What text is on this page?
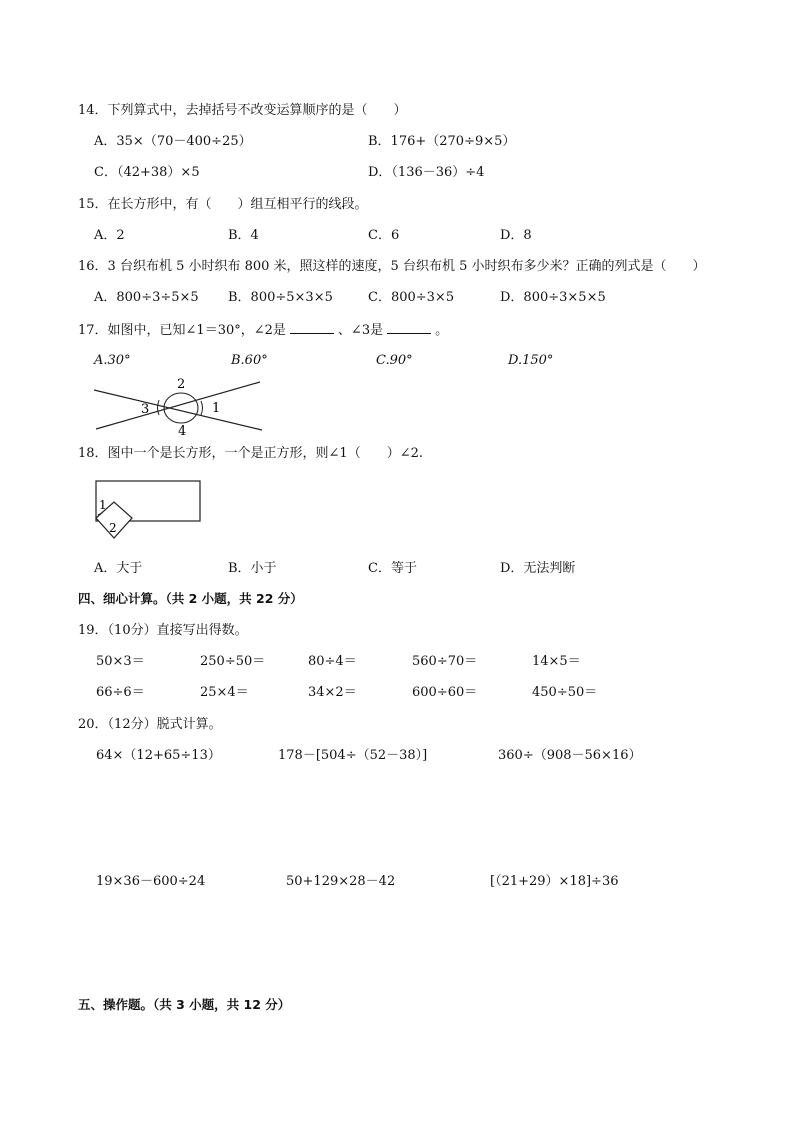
14．下列算式中，去掉括号不改变运算顺序的是（　　）
A．35×（70－400÷25）	B．176+（270÷9×5）
C．（42+38）×5	D．（136－36）÷4
15．在长方形中，有（　　）组互相平行的线段。
A．2	B．4	C．6	D．8
16．3 台织布机 5 小时织布 800 米，照这样的速度，5 台织布机 5 小时织布多少米？正确的列式是（　　）
A．800÷3÷5×5 B．800÷5×3×5	C．800÷3×5	D．800÷3×5×5
17．如图中，已知∠1＝30°，∠2是	、∠3是	。
A.30°	B.60°	C.90°	D.150°
1
2
3
4
18．图中一个是长方形，一个是正方形，则∠1（　　）∠2.
1
2
A．大于	B．小于	C．等于	D．无法判断
四、细心计算。（共 2 小题，共 22 分）
19．（10分）直接写出得数。
50×3＝	250÷50＝	80÷4＝	560÷70＝	14×5＝
66÷6＝	25×4＝	34×2＝	600÷60＝	450÷50＝
20．（12分）脱式计算。
64×（12+65÷13）	178－[504÷（52－38）]	360÷（908－56×16）
19×36－600÷24	50+129×28－42	[（21+29）×18]÷36
五、操作题。（共 3 小题，共 12 分）
